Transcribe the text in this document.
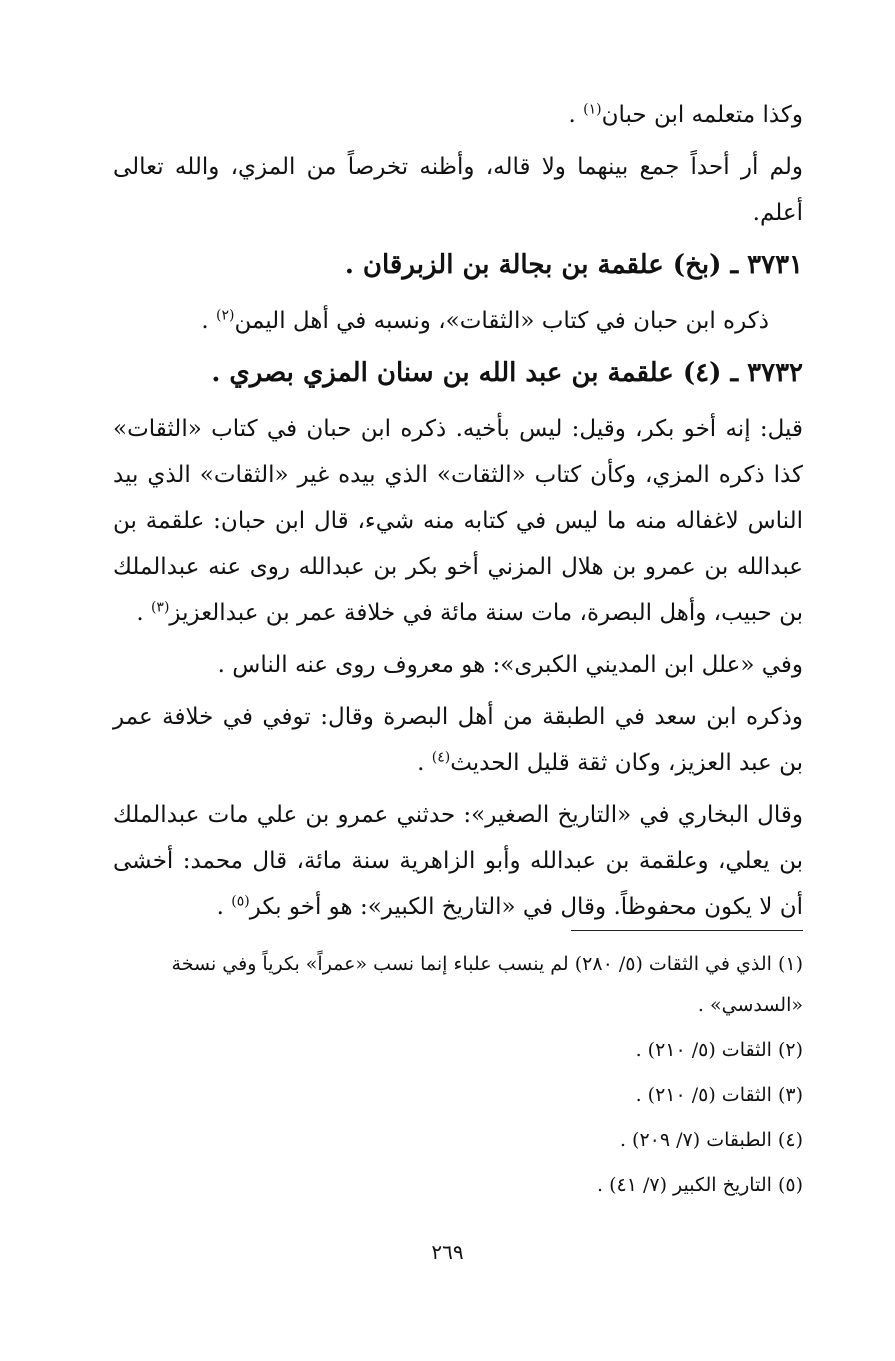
وكذا متعلمه ابن حبان$^{(١)}$ .

ولم أر أحداً جمع بينهما ولا قاله، وأظنه تخرصاً من المزي، والله تعالى أعلم.

٣٧٣١ ـ (بخ) علقمة بن بجالة بن الزبرقان .

ذكره ابن حبان في كتاب «الثقات»، ونسبه في أهل اليمن$^{(٢)}$ .

٣٧٣٢ ـ (٤) علقمة بن عبد الله بن سنان المزي بصري .

قيل: إنه أخو بكر، وقيل: ليس بأخيه. ذكره ابن حبان في كتاب «الثقات» كذا ذكره المزي، وكأن كتاب «الثقات» الذي بيده غير «الثقات» الذي بيد الناس لاغفاله منه ما ليس في كتابه منه شيء، قال ابن حبان: علقمة بن عبدالله بن عمرو بن هلال المزني أخو بكر بن عبدالله روى عنه عبدالملك بن حبيب، وأهل البصرة، مات سنة مائة في خلافة عمر بن عبدالعزيز$^{(٣)}$ .

وفي «علل ابن المديني الكبرى»: هو معروف روى عنه الناس .

وذكره ابن سعد في الطبقة من أهل البصرة وقال: توفي في خلافة عمر بن عبد العزيز، وكان ثقة قليل الحديث$^{(٤)}$ .

وقال البخاري في «التاريخ الصغير»: حدثني عمرو بن علي مات عبدالملك بن يعلي، وعلقمة بن عبدالله وأبو الزاهرية سنة مائة، قال محمد: أخشى أن لا يكون محفوظاً. وقال في «التاريخ الكبير»: هو أخو بكر$^{(٥)}$ .

(١) الذي في الثقات (٥/ ٢٨٠) لم ينسب علباء إنما نسب «عمراً» بكرياً وفي نسخة «السدسي» .

(٢) الثقات (٥/ ٢١٠) .

(٣) الثقات (٥/ ٢١٠) .

(٤) الطبقات (٧/ ٢٠٩) .

(٥) التاريخ الكبير (٧/ ٤١) .

٢٦٩
